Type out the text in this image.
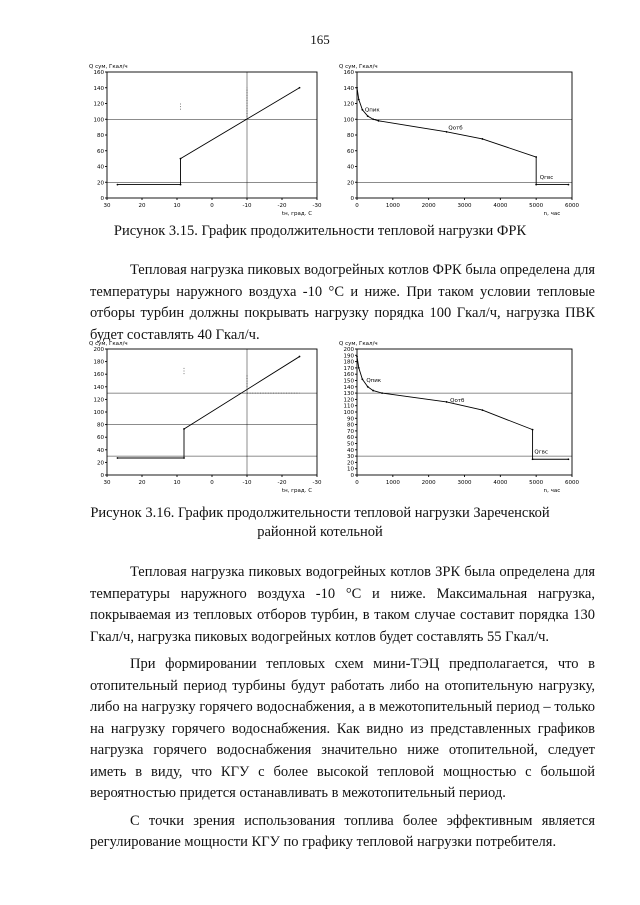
165
0
20
40
60
80
100
120
140
160
30	20	10	0	-10	-20	-30
Q сум, Гкал/ч
tн, град. С
0
20
40
60
80
100
120
140
160
0	1000	2000	3000	4000	5000	6000
Q сум, Гкал/ч
n, час
Qпик
Qотб
Qгвс
Рисунок 3.15. График продолжительности тепловой нагрузки ФРК

Тепловая нагрузка пиковых водогрейных котлов ФРК была определена для температуры наружного воздуха -10 °С и ниже. При таком условии тепловые отборы турбин должны покрывать нагрузку порядка 100 Гкал/ч, нагрузка ПВК будет составлять 40 Гкал/ч.

0
20
40
60
80
100
120
140
160
180
200
30	20	10	0	-10	-20	-30
Q сум, Гкал/ч
tн, град. С
0
10
20
30
40
50
60
70
80
90
100
110
120
130
140
150
160
170
180
190
200
0	1000	2000	3000	4000	5000	6000
Q сум, Гкал/ч
n, час
Qпик
Qотб
Qгвс
Рисунок 3.16. График продолжительности тепловой нагрузки Зареченской районной котельной

Тепловая нагрузка пиковых водогрейных котлов ЗРК была определена для температуры наружного воздуха -10 °С и ниже. Максимальная нагрузка, покрываемая из тепловых отборов турбин, в таком случае составит порядка 130 Гкал/ч, нагрузка пиковых водогрейных котлов будет составлять 55 Гкал/ч.

При формировании тепловых схем мини-ТЭЦ предполагается, что в отопительный период турбины будут работать либо на отопительную нагрузку, либо на нагрузку горячего водоснабжения, а в межотопительный период – только на нагрузку горячего водоснабжения. Как видно из представленных графиков нагрузка горячего водоснабжения значительно ниже отопительной, следует иметь в виду, что КГУ с более высокой тепловой мощностью с большой вероятностью придется останавливать в межотопительный период.

С точки зрения использования топлива более эффективным является регулирование мощности КГУ по графику тепловой нагрузки потребителя.
